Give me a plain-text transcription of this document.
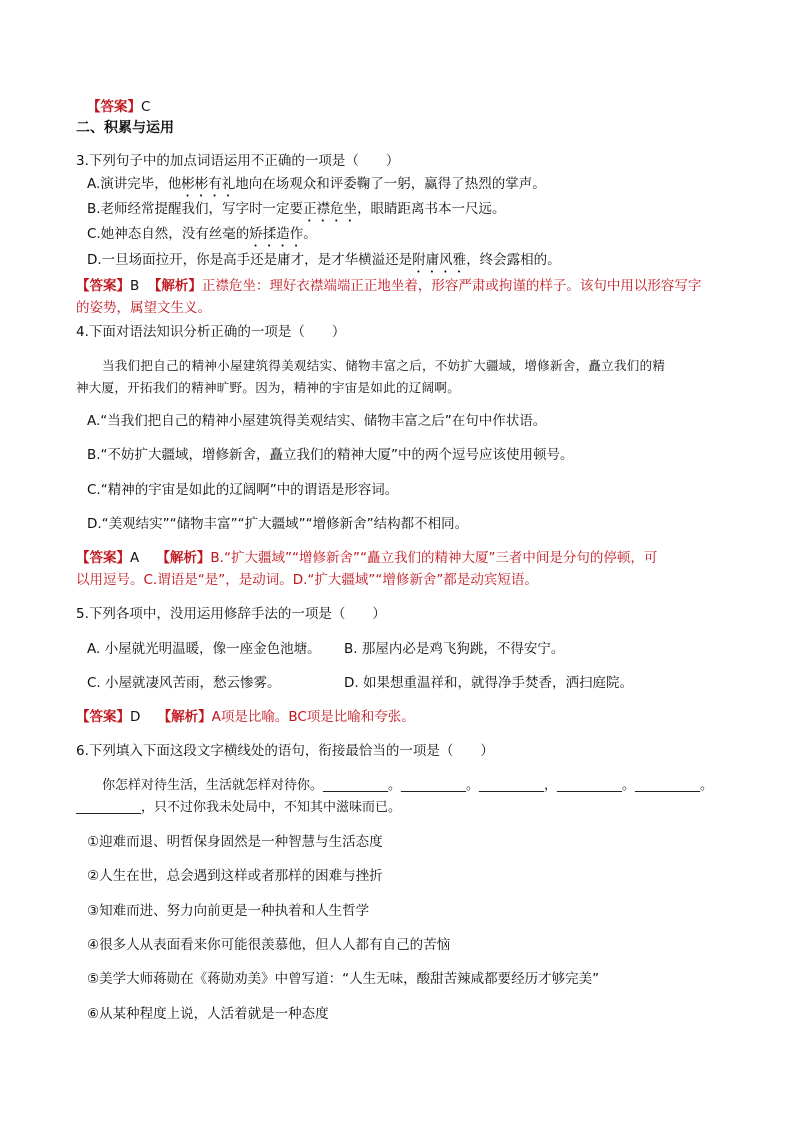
【答案】C
二、积累与运用
3.下列句子中的加点词语运用不正确的一项是（　　）
A.演讲完毕，他彬彬有礼地向在场观众和评委鞠了一躬，赢得了热烈的掌声。
B.老师经常提醒我们，写字时一定要正襟危坐，眼睛距离书本一尺远。
C.她神态自然，没有丝毫的矫揉造作。
D.一旦场面拉开，你是高手还是庸才，是才华横溢还是附庸风雅，终会露相的。
【答案】B 【解析】正襟危坐：理好衣襟端端正正地坐着，形容严肃或拘谨的样子。该句中用以形容写字
的姿势，属望文生义。
4.下面对语法知识分析正确的一项是（　　）
当我们把自己的精神小屋建筑得美观结实、储物丰富之后，不妨扩大疆域，增修新舍，矗立我们的精
神大厦，开拓我们的精神旷野。因为，精神的宇宙是如此的辽阔啊。
A.“当我们把自己的精神小屋建筑得美观结实、储物丰富之后”在句中作状语。
B.“不妨扩大疆域，增修新舍，矗立我们的精神大厦”中的两个逗号应该使用顿号。
C.“精神的宇宙是如此的辽阔啊”中的谓语是形容词。
D.“美观结实”“储物丰富”“扩大疆域”“增修新舍”结构都不相同。
【答案】A 【解析】B.“扩大疆域”“增修新舍”“矗立我们的精神大厦”三者中间是分句的停顿，可
以用逗号。C.谓语是“是”，是动词。D.“扩大疆域”“增修新舍”都是动宾短语。
5.下列各项中，没用运用修辞手法的一项是（　　）
A. 小屋就光明温暖，像一座金色池塘。 B. 那屋内必是鸡飞狗跳，不得安宁。
C. 小屋就凄风苦雨，愁云惨雾。	D. 如果想重温祥和，就得净手焚香，洒扫庭院。
【答案】D 【解析】A项是比喻。BC项是比喻和夸张。
6.下列填入下面这段文字横线处的语句，衔接最恰当的一项是（　　）
你怎样对待生活，生活就怎样对待你。__________。__________。__________，__________。__________。
__________，只不过你我未处局中，不知其中滋味而已。
①迎难而退、明哲保身固然是一种智慧与生活态度
②人生在世，总会遇到这样或者那样的困难与挫折
③知难而进、努力向前更是一种执着和人生哲学
④很多人从表面看来你可能很羡慕他，但人人都有自己的苦恼
⑤美学大师蒋勋在《蒋勋劝美》中曾写道：“人生无味，酸甜苦辣咸都要经历才够完美”
⑥从某种程度上说，人活着就是一种态度
